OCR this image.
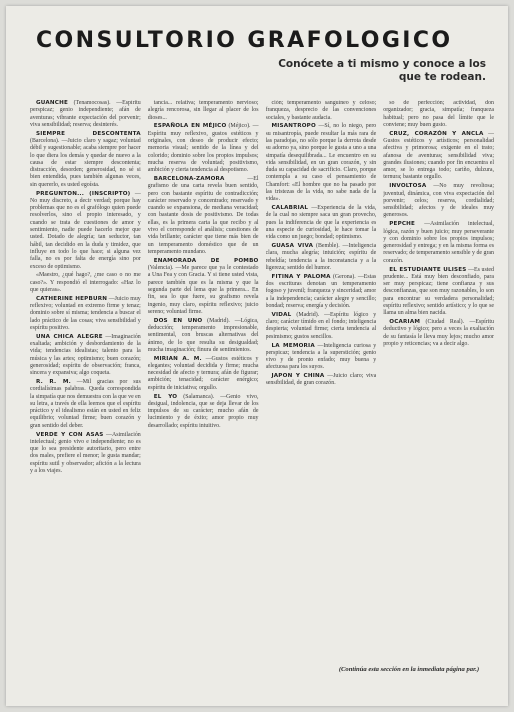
CONSULTORIO GRAFOLOGICO
Conócete a ti mismo y conoce a los que te rodean.

GUANCHE (Tenamocosas). —Espíritu perspicaz; genio independiente; afán de aventuras; vibrante expectación del porvenir; viva sensibilidad; reserva; desinterés.

SIEMPRE DESCONTENTA (Barcelona). —Juicio claro y sagaz; voluntad débil y sugestionable; acaba siempre por hacer lo que diera los demás y quedar de nuevo a la causa de estar siempre descontenta; distracción, desorden; generosidad, no sé si bien entendida, pues también algunas veces, sin quererlo, es usted egoísta.

PREGUNTON... (INSCRIPTO) —No muy discreto, a decir verdad; porque hay problemas que no es el grafólogo quien puede resolverlos, sino el propio interesado, y cuando se trata de cuestiones de amor y sentimiento, nadie puede hacerlo mejor que usted. Dotado de alegría; tan seductor, tan hábil, tan decidido en la duda y timidez, que influye en todo lo que hace; si alguna vez falla, no es por falta de energía sino por exceso de optimismo.

«Maestro, ¿qué hago?, ¿me caso o no me caso?». Y respondió el interrogado: «Haz lo que quieras».

CATHERINE HEPBURN —Juicio muy reflexivo; voluntad en extremo firme y tenaz; dominio sobre sí misma; tendencia a buscar el lado práctico de las cosas; viva sensibilidad y espíritu positivo.

UNA CHICA ALEGRE —Imaginación exaltada; ambición y desbordamiento de la vida; tendencias idealistas; talento para la música y las artes; optimismo; buen corazón; generosidad; espíritu de observación; franca, sincera y expansiva; algo coqueta.

R. R. M. —Mil gracias por sus cordialísimas palabras. Queda correspondida la simpatía que nos demuestra con la que ve en su letra, a través de ella leemos que el espíritu práctico y el idealismo están en usted en feliz equilibrio; voluntad firme; buen corazón y gran sentido del deber.

VERDE Y CON ASAS —Asimilación intelectual; genio vivo e independiente; no es que lo sea presidente autoritario, pero entre dos males, prefiere el menor; le gusta mandar; espíritu sutil y observador; afición a la lectura y a los viajes.

tancia... relativa; temperamento nervioso; alegría rencorosa, sin llegar al placer de los dioses...

ESPAÑOLA EN MÉJICO (Méjico). —Espíritu muy reflexivo, gustos estéticos y originales, con deseo de producir efecto; memoria visual; sentido de la línea y del colorido; dominio sobre los propios impulsos; mucha reserva de voluntad; positivismo, ambición y cierta tendencia al despotismo.

BARCELONA-ZAMORA	—El grafismo de una carta revela buen sentido, pero con bastante espíritu de contradicción; carácter reservado y concentrado; reservado y cuando se expansiona, de mediana veracidad; con bastante dosis de positivismo. De todas ellas, es la primera carta la que recibo y al vivo el corresponde el análisis; cuestiones de vida brillante; carácter que tiene más bien de un temperamento doméstico que de un temperamento mundano.

ENAMORADA DE POMBO (Valencia). —Me parece que ya le contestado a Una Fea y con Gracia. Y si tiene usted vista, parece también que es la misma y que la segunda parte del lema que la primera... En fin, sea lo que fuere, su grafismo revela ingenio, muy claro, espíritu reflexivo; juicio sereno; voluntad firme.

DOS EN UNO (Madrid). —Lógica, deducción; temperamento impresionable, sentimental, con bruscas alternativas del ánimo, de lo que resulta su desigualdad; mucha imaginación; finura de sentimientos.

MIRIAN A. M. —Gustos estéticos y elegantes; voluntad decidida y firme; mucha necesidad de afecto y ternura; afán de figurar; ambición; tenacidad; carácter enérgico; espíritu de iniciativa; orgullo.

EL YO (Salamanca). —Genio vivo, desigual, indolencia, que se deja llevar de los impulsos de su carácter; mucho afán de lucimiento y de éxito; amor propio muy desarrollado; espíritu intuitivo.

ción; temperamento sanguíneo y celoso; franqueza, desprecio de las convenciones sociales, y bastante audacia.

MISANTROPO —Sí, no lo niego, pero su misantropía, puede resultar la más rara de las paradojas, no sólo porque la derrota desde su adorno ya, sino porque le gusta a uno a una simpatía desequilibrada... Le encuentro en su vida sensibilidad, en un gran corazón, y sin duda su capacidad de sacrificio. Claro, porque contempla a su caso el pensamiento de Chamfort: «El hombre que no ha pasado por las tristezas de la vida, no sabe nada de la vida».

CALABRIAL —Experiencia de la vida, de la cual no siempre saca un gran provecho, pues la indiferencia de que la experiencia es una especie de curiosidad, le hace tomar la vida como un juego; bondad; optimismo.

GUASA VIVA (Bemble). —Inteligencia clara, mucha alegría; intuición; espíritu de rebeldía; tendencia a la inconstancia y a la ligereza; sentido del humor.

FITINA Y PALOMA (Gerona). —Estas dos escrituras denotan un temperamento fogoso y juvenil; franqueza y sinceridad; amor a la independencia; carácter alegre y sencillo; bondad; reserva; energía y decisión.

VIDAL (Madrid). —Espíritu lógico y claro; carácter tímido en el fondo; inteligencia despierta; voluntad firme; cierta tendencia al pesimismo; gustos sencillos.

LA MEMORIA —Inteligencia curiosa y perspicaz; tendencia a la superstición; genio vivo y de pronto enfado; muy buena y afectuosa para los suyos.

JAPON Y CHINA —Juicio claro; viva sensibilidad, de gran corazón.

so de perfección; actividad, don organizador; gracia, simpatía; franqueza habitual; pero no pasa del límite que le conviene; muy buen gusto.

CRUZ, CORAZÓN Y ANCLA —Gustos estéticos y artísticos; personalidad afectiva y primorosa; exigente en el trato; afanosa de aventuras; sensibilidad viva; grandes ilusiones; cuando por fin encuentra el amor, se lo entrega todo; cariño, dulzura, ternura; bastante orgullo.

INVOLTOSA —No muy revoltosa; juventud, dinámica, con viva expectación del porvenir; celos; reserva, cordialidad; sensibilidad; afectos y de ideales muy generosos.

PEPCHE —Asimilación intelectual, lógica, razón y buen juicio; muy perseverante y con dominio sobre los propios impulsos; generosidad y entrega; y en la misma forma es reservado; de temperamento sensible y de gran corazón.

EL ESTUDIANTE ULISES —Es usted prudente... Está muy bien desconfiado, para ser muy perspicaz; tiene confianza y sus desconfianzas, que son muy razonables, lo son para encontrar su verdadera personalidad; espíritu reflexivo; sentido artístico; y lo que se llama un alma bien nacida.

OCARIAM (Ciudad Real). —Espíritu deductivo y lógico; pero a veces la exaltación de su fantasía le lleva muy lejos; mucho amor propio y reticencias; va a decir algo.

(Continúa esta sección en la inmediata página par.)
